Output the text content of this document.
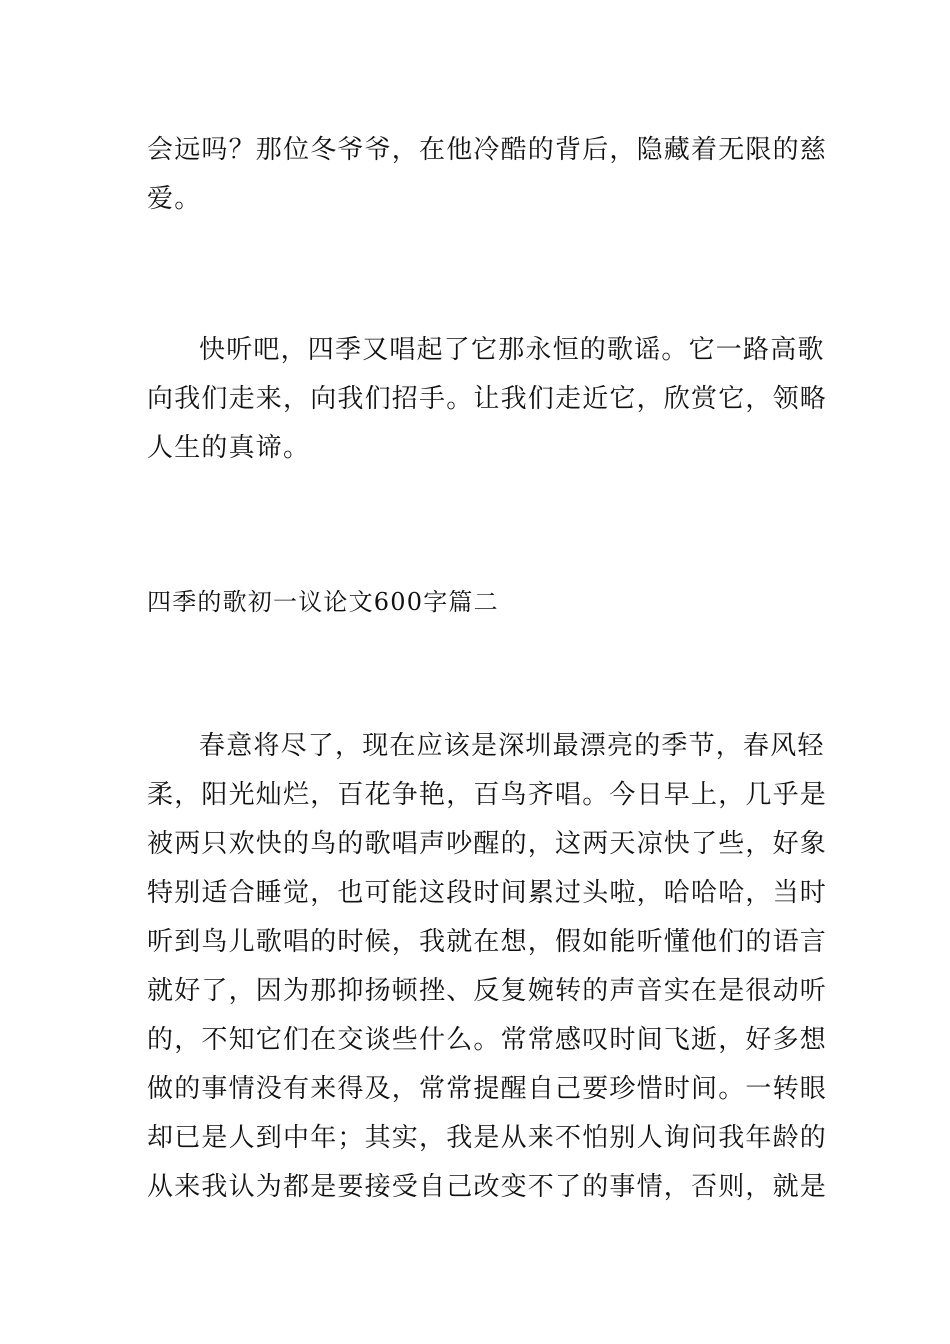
会远吗？那位冬爷爷，在他冷酷的背后，隐藏着无限的慈
爱。
快听吧，四季又唱起了它那永恒的歌谣。它一路高歌
向我们走来，向我们招手。让我们走近它，欣赏它，领略
人生的真谛。
四季的歌初一议论文600字篇二
春意将尽了，现在应该是深圳最漂亮的季节，春风轻
柔，阳光灿烂，百花争艳，百鸟齐唱。今日早上，几乎是
被两只欢快的鸟的歌唱声吵醒的，这两天凉快了些，好象
特别适合睡觉，也可能这段时间累过头啦，哈哈哈，当时
听到鸟儿歌唱的时候，我就在想，假如能听懂他们的语言
就好了，因为那抑扬顿挫、反复婉转的声音实在是很动听
的，不知它们在交谈些什么。常常感叹时间飞逝，好多想
做的事情没有来得及，常常提醒自己要珍惜时间。一转眼
却已是人到中年；其实，我是从来不怕别人询问我年龄的
从来我认为都是要接受自己改变不了的事情，否则，就是
